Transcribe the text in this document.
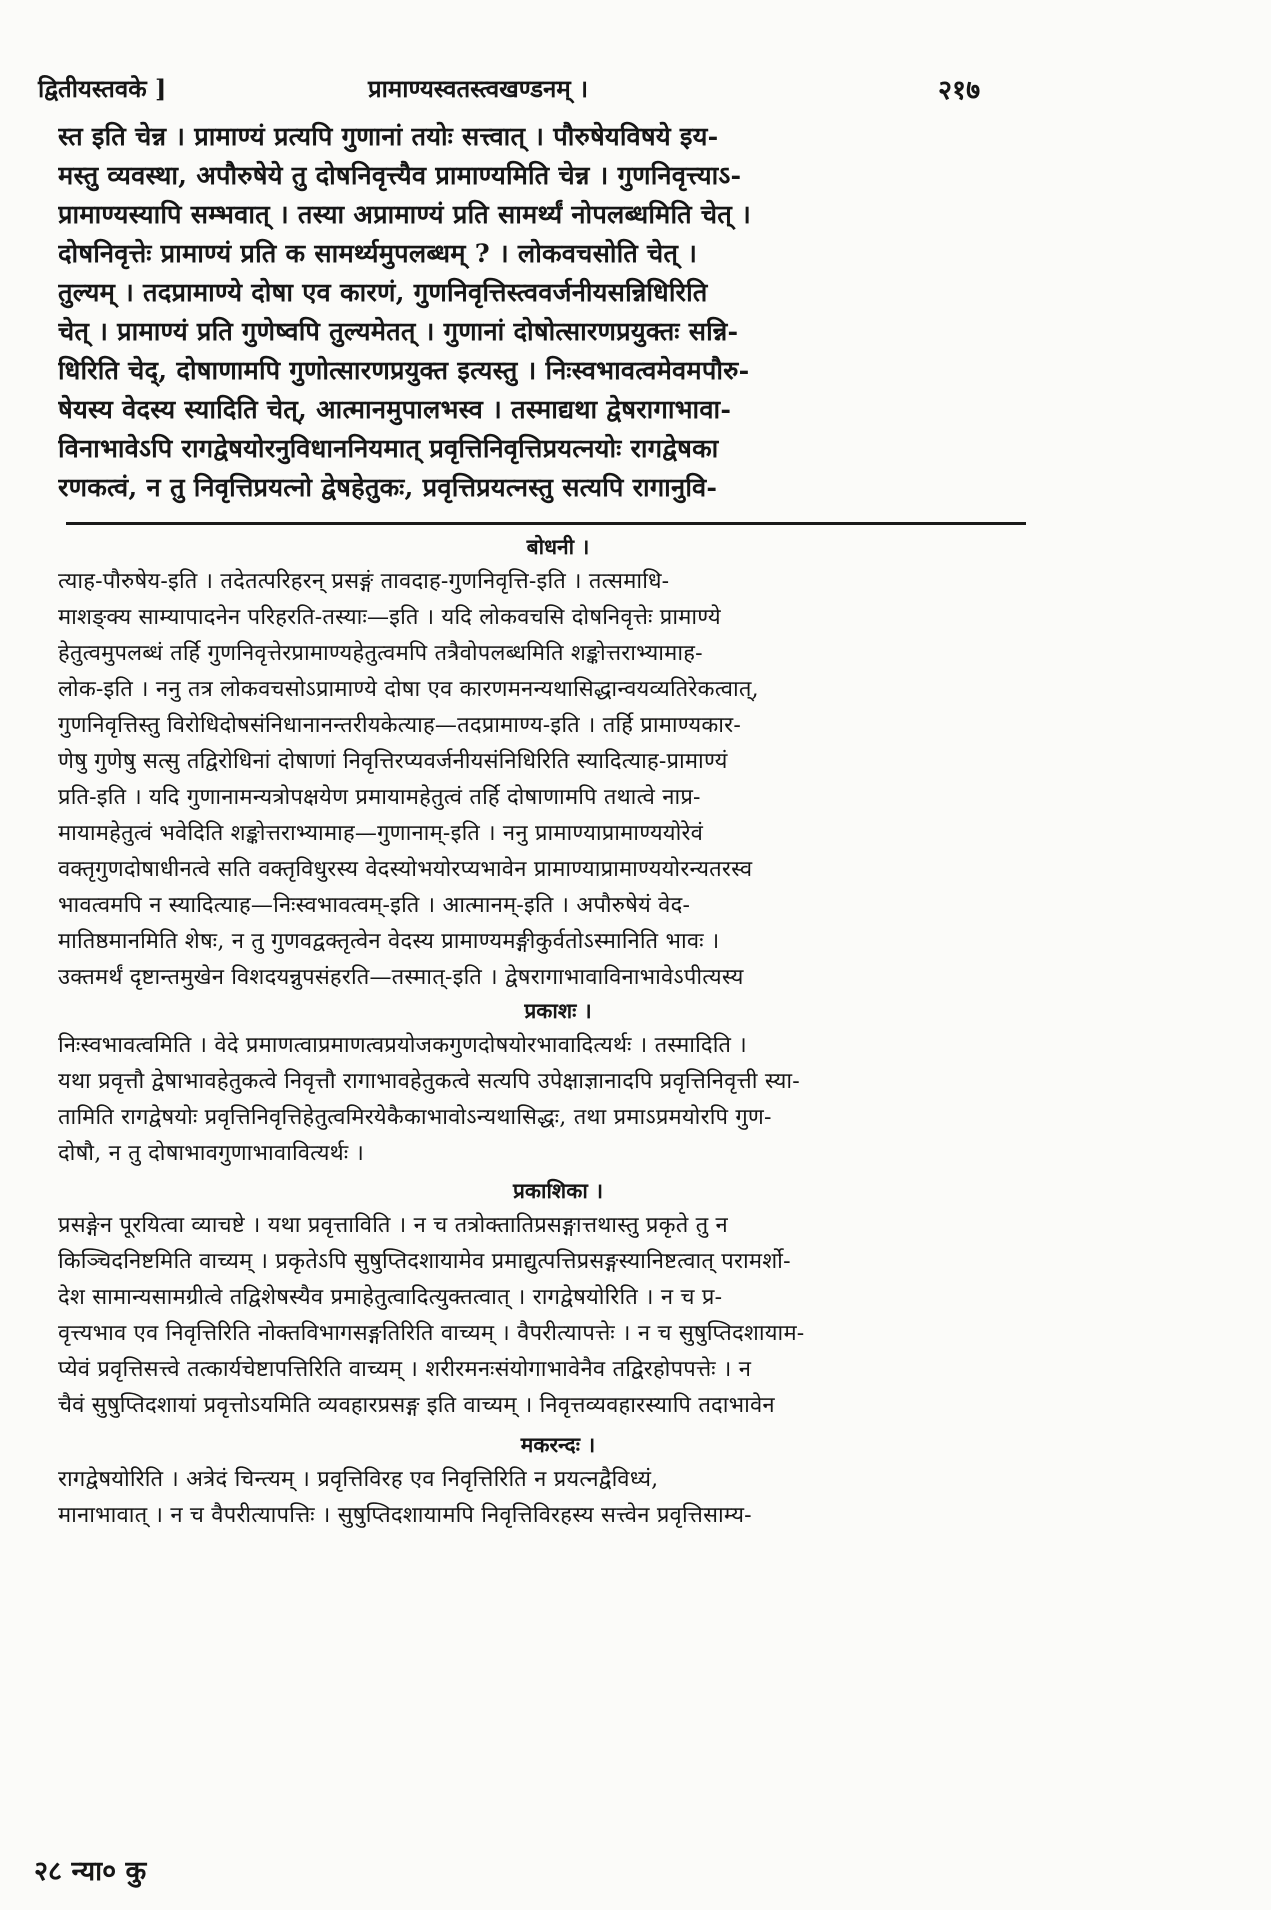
द्वितीयस्तवके ]	प्रामाण्यस्वतस्त्वखण्डनम् ।	२१७
स्त इति चेन्न । प्रामाण्यं प्रत्यपि गुणानां तयोः सत्त्वात् । पौरुषेयविषये इय-
मस्तु व्यवस्था, अपौरुषेये तु दोषनिवृत्त्यैव प्रामाण्यमिति चेन्न । गुणनिवृत्त्याऽ-
प्रामाण्यस्यापि सम्भवात् । तस्या अप्रामाण्यं प्रति सामर्थ्यं नोपलब्धमिति चेत् ।
दोषनिवृत्तेः प्रामाण्यं प्रति क सामर्थ्यमुपलब्धम् ? । लोकवचसोति चेत् ।
तुल्यम् । तदप्रामाण्ये दोषा एव कारणं, गुणनिवृत्तिस्त्ववर्जनीयसन्निधिरिति
चेत् । प्रामाण्यं प्रति गुणेष्वपि तुल्यमेतत् । गुणानां दोषोत्सारणप्रयुक्तः सन्नि-
धिरिति चेद्, दोषाणामपि गुणोत्सारणप्रयुक्त इत्यस्तु । निःस्वभावत्वमेवमपौरु-
षेयस्य वेदस्य स्यादिति चेत्, आत्मानमुपालभस्व । तस्माद्यथा द्वेषरागाभावा-
विनाभावेऽपि रागद्वेषयोरनुविधाननियमात् प्रवृत्तिनिवृत्तिप्रयत्नयोः रागद्वेषका
रणकत्वं, न तु निवृत्तिप्रयत्नो द्वेषहेतुकः, प्रवृत्तिप्रयत्नस्तु सत्यपि रागानुवि-
बोधनी ।
त्याह-पौरुषेय-इति । तदेतत्परिहरन् प्रसङ्गं तावदाह-गुणनिवृत्ति-इति । तत्समाधि-
माशङ्क्य साम्यापादनेन परिहरति-तस्याः—इति । यदि लोकवचसि दोषनिवृत्तेः प्रामाण्ये
हेतुत्वमुपलब्धं तर्हि गुणनिवृत्तेरप्रामाण्यहेतुत्वमपि तत्रैवोपलब्धमिति शङ्कोत्तराभ्यामाह-
लोक-इति । ननु तत्र लोकवचसोऽप्रामाण्ये दोषा एव कारणमनन्यथासिद्धान्वयव्यतिरेकत्वात्,
गुणनिवृत्तिस्तु विरोधिदोषसंनिधानानन्तरीयकेत्याह—तदप्रामाण्य-इति । तर्हि प्रामाण्यकार-
णेषु गुणेषु सत्सु तद्विरोधिनां दोषाणां निवृत्तिरप्यवर्जनीयसंनिधिरिति स्यादित्याह-प्रामाण्यं
प्रति-इति । यदि गुणानामन्यत्रोपक्षयेण प्रमायामहेतुत्वं तर्हि दोषाणामपि तथात्वे नाप्र-
मायामहेतुत्वं भवेदिति शङ्कोत्तराभ्यामाह—गुणानाम्-इति । ननु प्रामाण्याप्रामाण्ययोरेवं
वक्तृगुणदोषाधीनत्वे सति वक्तृविधुरस्य वेदस्योभयोरप्यभावेन प्रामाण्याप्रामाण्ययोरन्यतरस्व
भावत्वमपि न स्यादित्याह—निःस्वभावत्वम्-इति । आत्मानम्-इति । अपौरुषेयं वेद-
मातिष्ठमानमिति शेषः, न तु गुणवद्वक्तृत्वेन वेदस्य प्रामाण्यमङ्गीकुर्वतोऽस्मानिति भावः ।
उक्तमर्थं दृष्टान्तमुखेन विशदयन्नुपसंहरति—तस्मात्-इति । द्वेषरागाभावाविनाभावेऽपीत्यस्य
प्रकाशः ।
निःस्वभावत्वमिति । वेदे प्रमाणत्वाप्रमाणत्वप्रयोजकगुणदोषयोरभावादित्यर्थः । तस्मादिति ।
यथा प्रवृत्तौ द्वेषाभावहेतुकत्वे निवृत्तौ रागाभावहेतुकत्वे सत्यपि उपेक्षाज्ञानादपि प्रवृत्तिनिवृत्ती स्या-
तामिति रागद्वेषयोः प्रवृत्तिनिवृत्तिहेतुत्वमिरयेकैकाभावोऽन्यथासिद्धः, तथा प्रमाऽप्रमयोरपि गुण-
दोषौ, न तु दोषाभावगुणाभावावित्यर्थः ।
प्रकाशिका ।
प्रसङ्गेन पूरयित्वा व्याचष्टे । यथा प्रवृत्ताविति । न च तत्रोक्तातिप्रसङ्गात्तथास्तु प्रकृते तु न
किञ्चिदनिष्टमिति वाच्यम् । प्रकृतेऽपि सुषुप्तिदशायामेव प्रमाद्युत्पत्तिप्रसङ्गस्यानिष्टत्वात् परामर्शो-
देश सामान्यसामग्रीत्वे तद्विशेषस्यैव प्रमाहेतुत्वादित्युक्तत्वात् । रागद्वेषयोरिति । न च प्र-
वृत्त्यभाव एव निवृत्तिरिति नोक्तविभागसङ्गतिरिति वाच्यम् । वैपरीत्यापत्तेः । न च सुषुप्तिदशायाम-
प्येवं प्रवृत्तिसत्त्वे तत्कार्यचेष्टापत्तिरिति वाच्यम् । शरीरमनःसंयोगाभावेनैव तद्विरहोपपत्तेः । न
चैवं सुषुप्तिदशायां प्रवृत्तोऽयमिति व्यवहारप्रसङ्ग इति वाच्यम् । निवृत्तव्यवहारस्यापि तदाभावेन
मकरन्दः ।
रागद्वेषयोरिति । अत्रेदं चिन्त्यम् । प्रवृत्तिविरह एव निवृत्तिरिति न प्रयत्नद्वैविध्यं,
मानाभावात् । न च वैपरीत्यापत्तिः । सुषुप्तिदशायामपि निवृत्तिविरहस्य सत्त्वेन प्रवृत्तिसाम्य-
२८ न्या० कु
